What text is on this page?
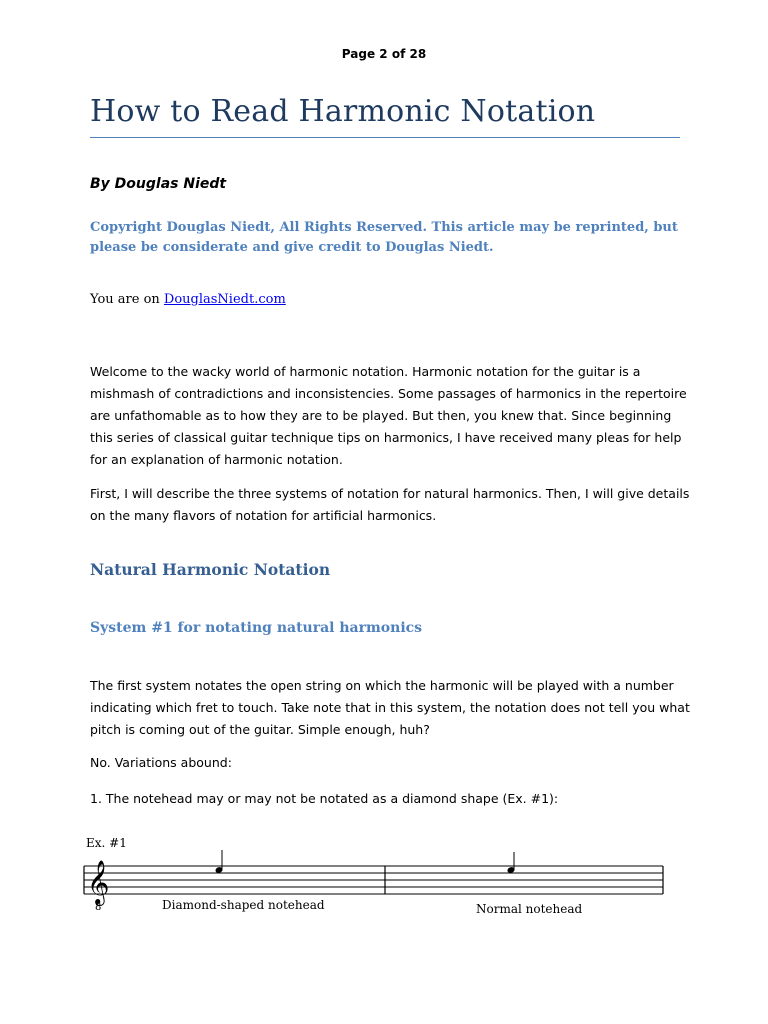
Page 2 of 28
How to Read Harmonic Notation
By Douglas Niedt
Copyright Douglas Niedt, All Rights Reserved. This article may be reprinted, but please be considerate and give credit to Douglas Niedt.
You are on DouglasNiedt.com

Welcome to the wacky world of harmonic notation. Harmonic notation for the guitar is a mishmash of contradictions and inconsistencies. Some passages of harmonics in the repertoire are unfathomable as to how they are to be played. But then, you knew that. Since beginning this series of classical guitar technique tips on harmonics, I have received many pleas for help for an explanation of harmonic notation.

First, I will describe the three systems of notation for natural harmonics. Then, I will give details on the many flavors of notation for artificial harmonics.

Natural Harmonic Notation
System #1 for notating natural harmonics

The first system notates the open string on which the harmonic will be played with a number indicating which fret to touch. Take note that in this system, the notation does not tell you what pitch is coming out of the guitar. Simple enough, huh?

No. Variations abound:

1. The notehead may or may not be notated as a diamond shape (Ex. #1):

Ex. #1
𝄞
8	Diamond-shaped notehead	Normal notehead
